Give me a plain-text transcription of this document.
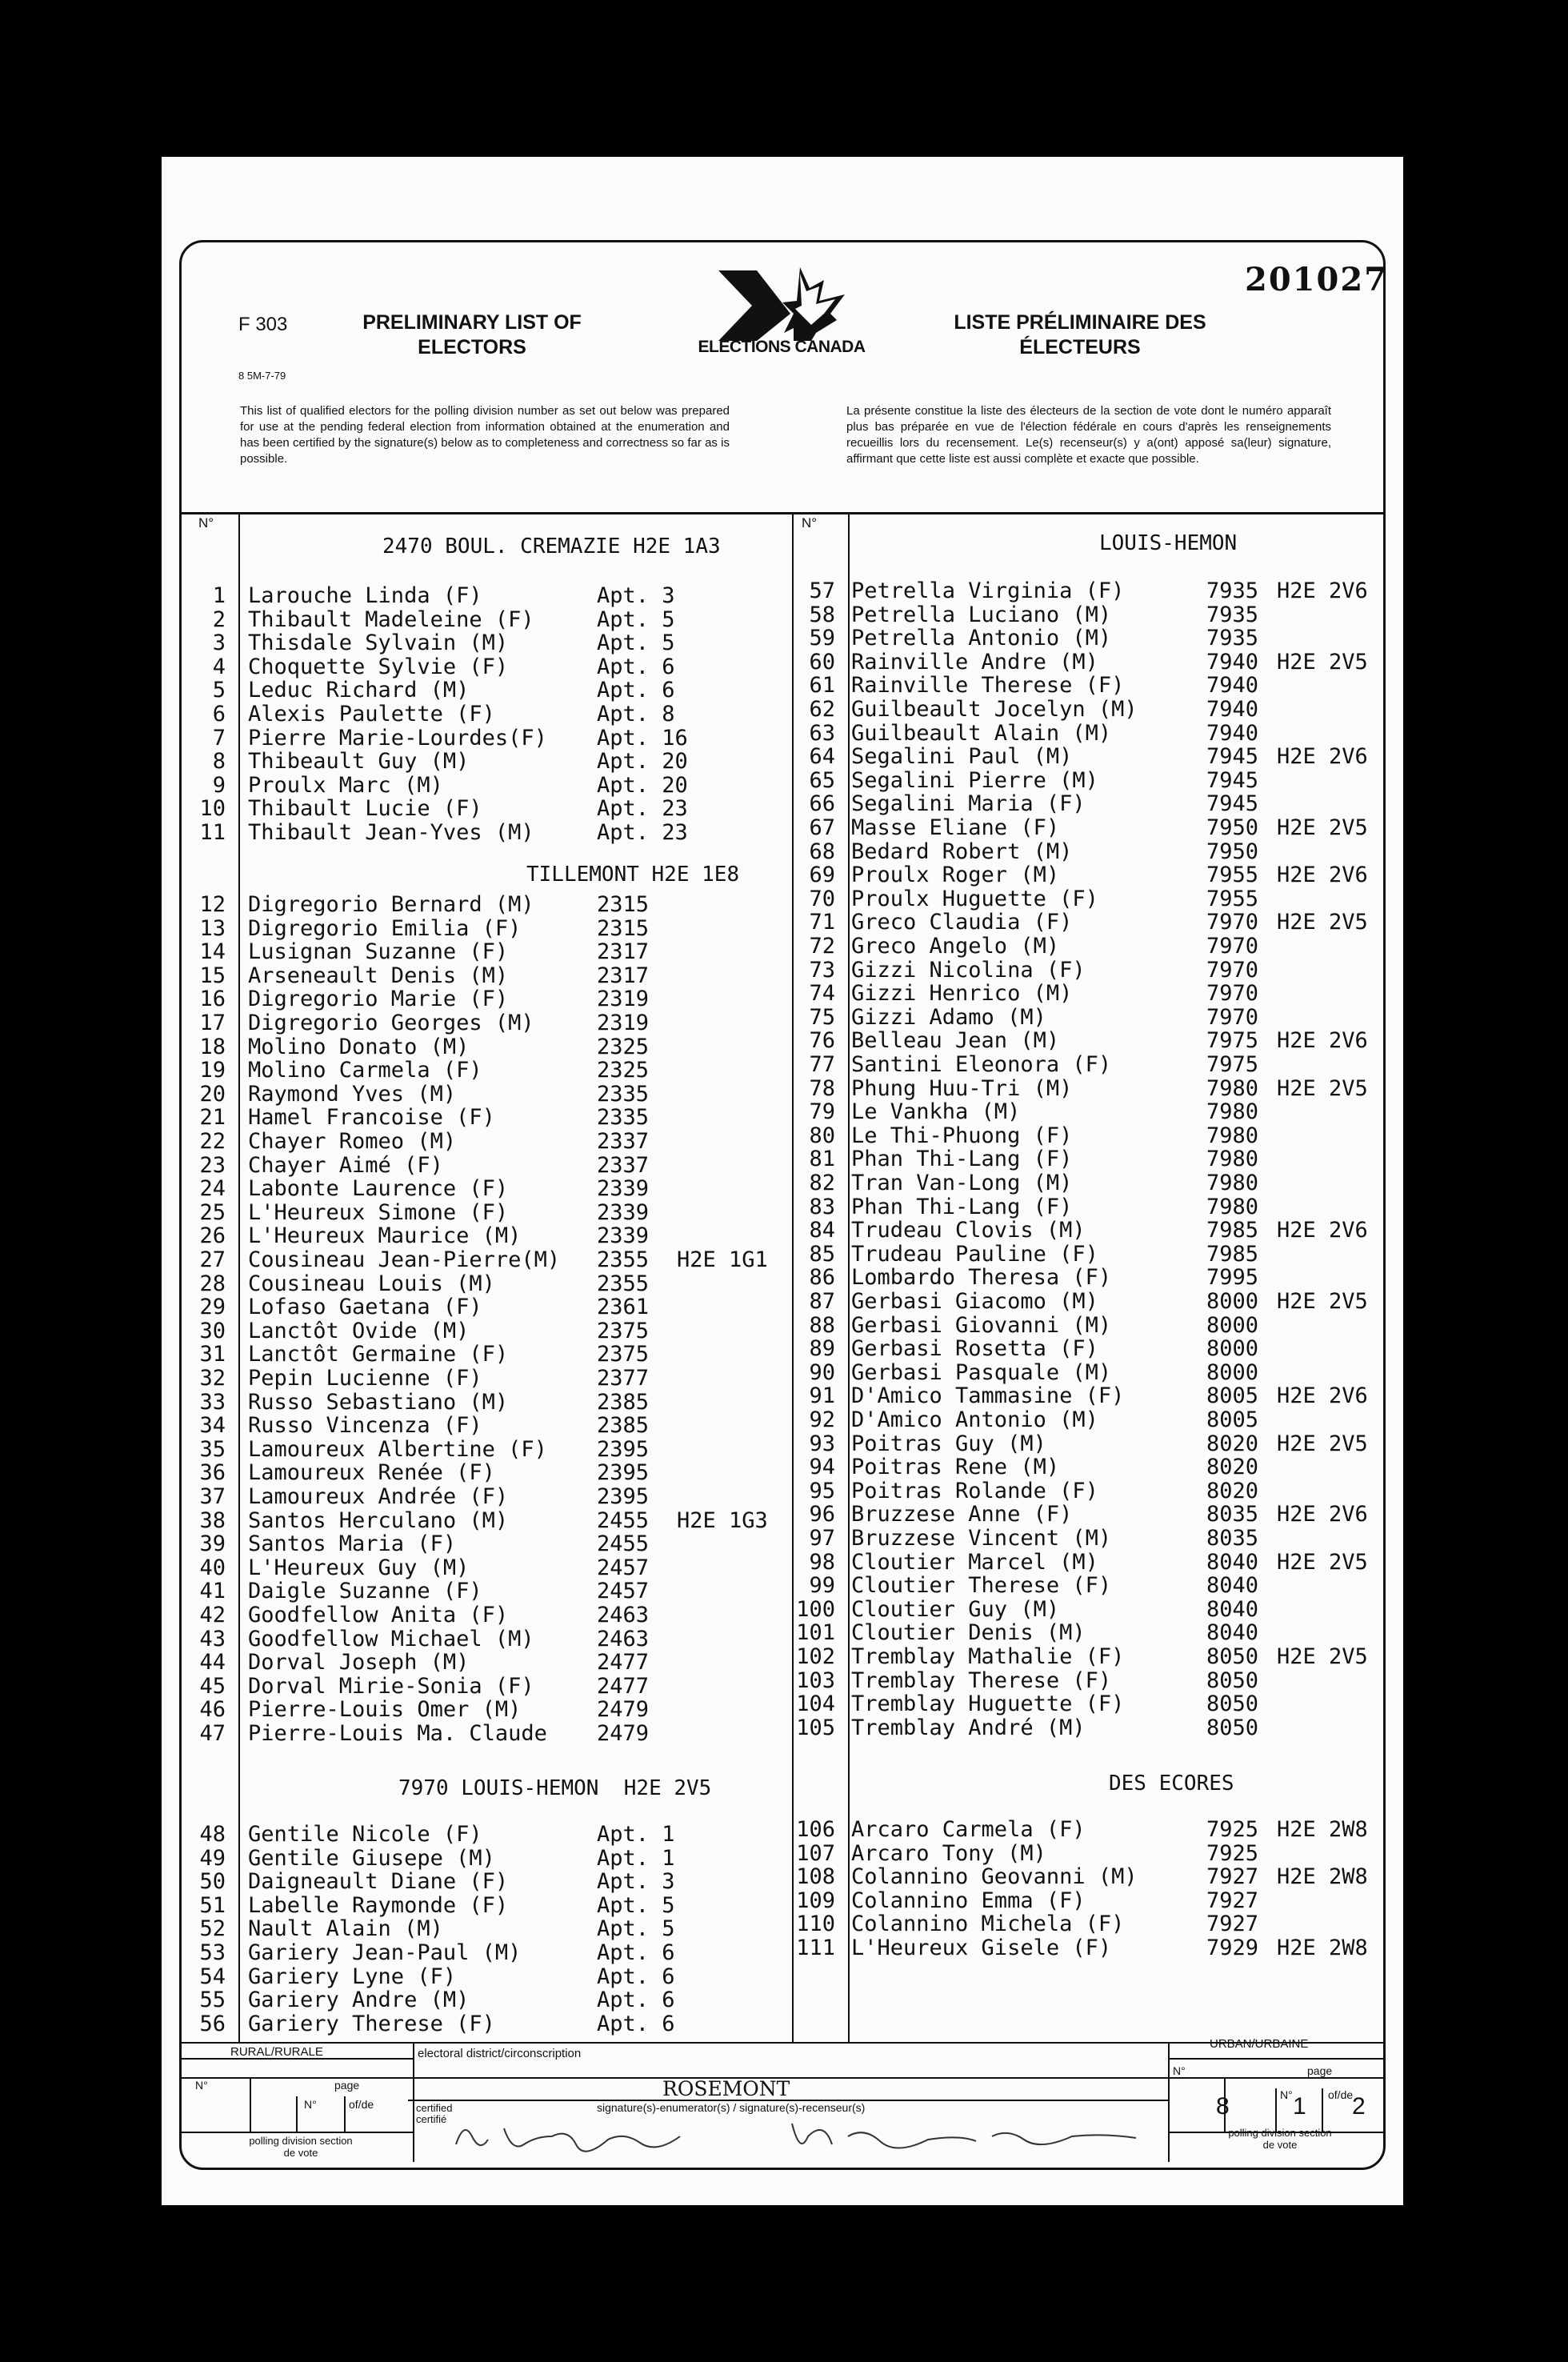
201027
F 303
8 5M-7-79
PRELIMINARY LIST OF ELECTORS
LISTE PRÉLIMINAIRE DES ÉLECTEURS
ELECTIONS CANADA
This list of qualified electors for the polling division number as set out below was prepared for use at the pending federal election from information obtained at the enumeration and has been certified by the signature(s) below as to completeness and correctness so far as is possible.
La présente constitue la liste des électeurs de la section de vote dont le numéro apparaît plus bas préparée en vue de l'élection fédérale en cours d'après les renseignements recueillis lors du recensement. Le(s) recenseur(s) y a(ont) apposé sa(leur) signature, affirmant que cette liste est aussi complète et exacte que possible.
N°	N°
2470 BOUL. CREMAZIE H2E 1A3
TILLEMONT H2E 1E8
7970 LOUIS-HEMON  H2E 2V5
LOUIS-HEMON
DES ECORES
1 Larouche Linda (F)	Apt. 3
2 Thibault Madeleine (F)	Apt. 5
3 Thisdale Sylvain (M)	Apt. 5
4 Choquette Sylvie (F)	Apt. 6
5 Leduc Richard (M)	Apt. 6
6 Alexis Paulette (F)	Apt. 8
7 Pierre Marie-Lourdes(F) Apt. 16
8 Thibeault Guy (M)	Apt. 20
9 Proulx Marc (M)	Apt. 20
10 Thibault Lucie (F)	Apt. 23
11 Thibault Jean-Yves (M)	Apt. 23
12 Digregorio Bernard (M)	2315
13 Digregorio Emilia (F)	2315
14 Lusignan Suzanne (F)	2317
15 Arseneault Denis (M)	2317
16 Digregorio Marie (F)	2319
17 Digregorio Georges (M)	2319
18 Molino Donato (M)	2325
19 Molino Carmela (F)	2325
20 Raymond Yves (M)	2335
21 Hamel Francoise (F)	2335
22 Chayer Romeo (M)	2337
23 Chayer Aimé (F)	2337
24 Labonte Laurence (F)	2339
25 L'Heureux Simone (F)	2339
26 L'Heureux Maurice (M)	2339
27 Cousineau Jean-Pierre(M) 2355 H2E 1G1
28 Cousineau Louis (M)	2355
29 Lofaso Gaetana (F)	2361
30 Lanctôt Ovide (M)	2375
31 Lanctôt Germaine (F)	2375
32 Pepin Lucienne (F)	2377
33 Russo Sebastiano (M)	2385
34 Russo Vincenza (F)	2385
35 Lamoureux Albertine (F) 2395
36 Lamoureux Renée (F)	2395
37 Lamoureux Andrée (F)	2395
38 Santos Herculano (M)	2455 H2E 1G3
39 Santos Maria (F)	2455
40 L'Heureux Guy (M)	2457
41 Daigle Suzanne (F)	2457
42 Goodfellow Anita (F)	2463
43 Goodfellow Michael (M)	2463
44 Dorval Joseph (M)	2477
45 Dorval Mirie-Sonia (F)	2477
46 Pierre-Louis Omer (M)	2479
47 Pierre-Louis Ma. Claude 2479
48 Gentile Nicole (F)	Apt. 1
49 Gentile Giusepe (M)	Apt. 1
50 Daigneault Diane (F)	Apt. 3
51 Labelle Raymonde (F)	Apt. 5
52 Nault Alain (M)	Apt. 5
53 Gariery Jean-Paul (M)	Apt. 6
54 Gariery Lyne (F)	Apt. 6
55 Gariery Andre (M)	Apt. 6
56 Gariery Therese (F)	Apt. 6
57 Petrella Virginia (F)	7935 H2E 2V6
58 Petrella Luciano (M)	7935
59 Petrella Antonio (M)	7935
60 Rainville Andre (M)	7940 H2E 2V5
61 Rainville Therese (F)	7940
62 Guilbeault Jocelyn (M)	7940
63 Guilbeault Alain (M)	7940
64 Segalini Paul (M)	7945 H2E 2V6
65 Segalini Pierre (M)	7945
66 Segalini Maria (F)	7945
67 Masse Eliane (F)	7950 H2E 2V5
68 Bedard Robert (M)	7950
69 Proulx Roger (M)	7955 H2E 2V6
70 Proulx Huguette (F)	7955
71 Greco Claudia (F)	7970 H2E 2V5
72 Greco Angelo (M)	7970
73 Gizzi Nicolina (F)	7970
74 Gizzi Henrico (M)	7970
75 Gizzi Adamo (M)	7970
76 Belleau Jean (M)	7975 H2E 2V6
77 Santini Eleonora (F)	7975
78 Phung Huu-Tri (M)	7980 H2E 2V5
79 Le Vankha (M)	7980
80 Le Thi-Phuong (F)	7980
81 Phan Thi-Lang (F)	7980
82 Tran Van-Long (M)	7980
83 Phan Thi-Lang (F)	7980
84 Trudeau Clovis (M)	7985 H2E 2V6
85 Trudeau Pauline (F)	7985
86 Lombardo Theresa (F)	7995
87 Gerbasi Giacomo (M)	8000 H2E 2V5
88 Gerbasi Giovanni (M)	8000
89 Gerbasi Rosetta (F)	8000
90 Gerbasi Pasquale (M)	8000
91 D'Amico Tammasine (F)	8005 H2E 2V6
92 D'Amico Antonio (M)	8005
93 Poitras Guy (M)	8020 H2E 2V5
94 Poitras Rene (M)	8020
95 Poitras Rolande (F)	8020
96 Bruzzese Anne (F)	8035 H2E 2V6
97 Bruzzese Vincent (M)	8035
98 Cloutier Marcel (M)	8040 H2E 2V5
99 Cloutier Therese (F)	8040
100 Cloutier Guy (M)	8040
101 Cloutier Denis (M)	8040
102 Tremblay Mathalie (F)	8050 H2E 2V5
103 Tremblay Therese (F)	8050
104 Tremblay Huguette (F)	8050
105 Tremblay André (M)	8050
106 Arcaro Carmela (F)	7925 H2E 2W8
107 Arcaro Tony (M)	7925
108 Colannino Geovanni (M)	7927 H2E 2W8
109 Colannino Emma (F)	7927
110 Colannino Michela (F)	7927
111 L'Heureux Gisele (F)	7929 H2E 2W8
RURAL/RURALE
URBAN/URBAINE
electoral district/circonscription
ROSEMONT
N°	page
N°	of/de
N°	page
N°	of/de
8	1 2
certified certifié
signature(s)-enumerator(s) / signature(s)-recenseur(s)
polling division section de vote
polling division section de vote
